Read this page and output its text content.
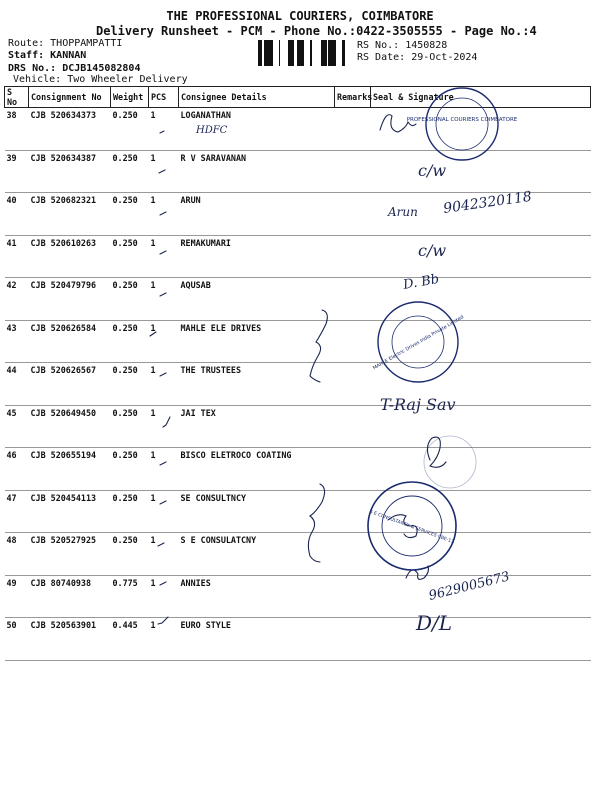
THE PROFESSIONAL COURIERS, COIMBATORE
Delivery Runsheet - PCM - Phone No.:0422-3505555 - Page No.:4
Route: THOPPAMPATTI
Staff: KANNAN
DRS No.: DCJB145082804
Vehicle: Two Wheeler Delivery
RS No.: 1450828
RS Date: 29-Oct-2024
S No	Consignment No	Weight	PCS	Consignee Details	Remarks	Seal & Signature
38	CJB 520634373	0.250	1	LOGANATHAN		
39	CJB 520634387	0.250	1	R V SARAVANAN		
40	CJB 520682321	0.250	1	ARUN		
41	CJB 520610263	0.250	1	REMAKUMARI		
42	CJB 520479796	0.250	1	AQUSAB		
43	CJB 520626584	0.250	1	MAHLE ELE DRIVES		
44	CJB 520626567	0.250	1	THE TRUSTEES		
45	CJB 520649450	0.250	1	JAI TEX		
46	CJB 520655194	0.250	1	BISCO ELETROCO COATING		
47	CJB 520454113	0.250	1	SE CONSULTNCY		
48	CJB 520527925	0.250	1	S E CONSULATCNY		
49	CJB 80740938	0.775	1	ANNIES		
50	CJB 520563901	0.445	1	EURO STYLE		
HDFC
c/w
Arun 9042320118
c/w
D. Bb
T-Raj Sav
9629005673
D/L
PROFESSIONAL COURIERS COIMBATORE
MAHLE Electric Drives India Private Limited
S E CONSULTANCY & SERVICES CBE-17
